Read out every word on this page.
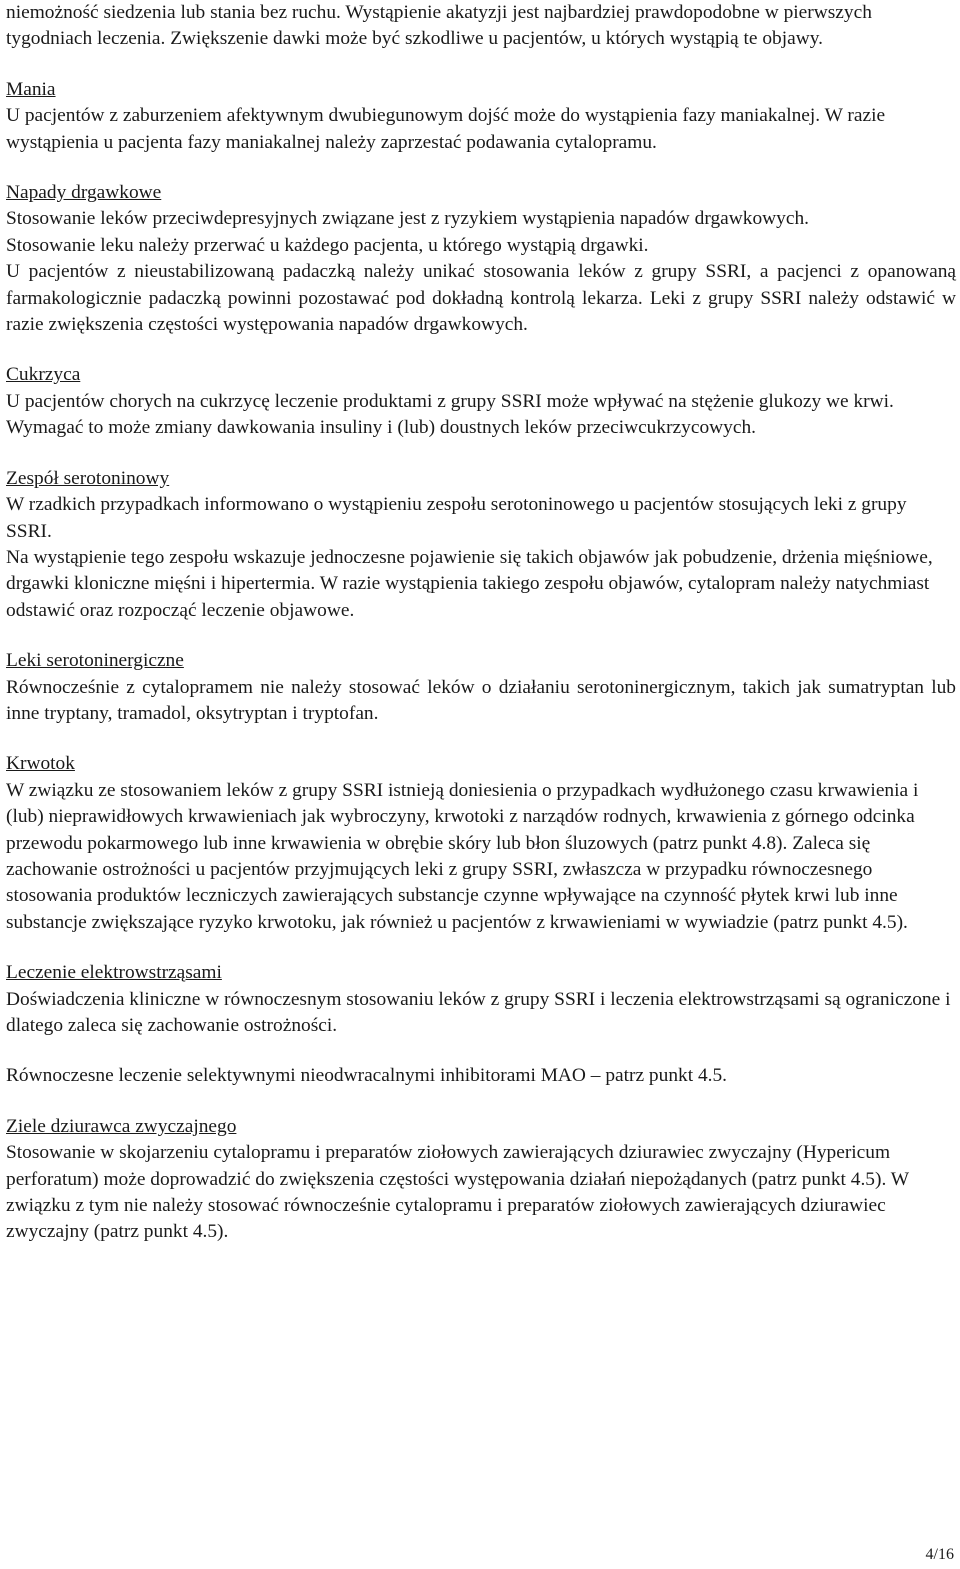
niemożność siedzenia lub stania bez ruchu. Wystąpienie akatyzji jest najbardziej prawdopodobne w pierwszych tygodniach leczenia. Zwiększenie dawki może być szkodliwe u pacjentów, u których wystąpią te objawy.

Mania

U pacjentów z zaburzeniem afektywnym dwubiegunowym dojść może do wystąpienia fazy maniakalnej. W razie wystąpienia u pacjenta fazy maniakalnej należy zaprzestać podawania cytalopramu.

Napady drgawkowe

Stosowanie leków przeciwdepresyjnych związane jest z ryzykiem wystąpienia napadów drgawkowych.

Stosowanie leku należy przerwać u każdego pacjenta, u którego wystąpią drgawki.

U pacjentów z nieustabilizowaną padaczką należy unikać stosowania leków z grupy SSRI, a pacjenci z opanowaną farmakologicznie padaczką powinni pozostawać pod dokładną kontrolą lekarza. Leki z grupy SSRI należy odstawić w razie zwiększenia częstości występowania napadów drgawkowych.

Cukrzyca

U pacjentów chorych na cukrzycę leczenie produktami z grupy SSRI może wpływać na stężenie glukozy we krwi. Wymagać to może zmiany dawkowania insuliny i (lub) doustnych leków przeciwcukrzycowych.

Zespół serotoninowy

W rzadkich przypadkach informowano o wystąpieniu zespołu serotoninowego u pacjentów stosujących leki z grupy SSRI.

Na wystąpienie tego zespołu wskazuje jednoczesne pojawienie się takich objawów jak pobudzenie, drżenia mięśniowe, drgawki kloniczne mięśni i hipertermia. W razie wystąpienia takiego zespołu objawów, cytalopram należy natychmiast odstawić oraz rozpocząć leczenie objawowe.

Leki serotoninergiczne

Równocześnie z cytalopramem nie należy stosować leków o działaniu serotoninergicznym, takich jak sumatryptan lub inne tryptany, tramadol, oksytryptan i tryptofan.

Krwotok

W związku ze stosowaniem leków z grupy SSRI istnieją doniesienia o przypadkach wydłużonego czasu krwawienia i (lub) nieprawidłowych krwawieniach jak wybroczyny, krwotoki z narządów rodnych, krwawienia z górnego odcinka przewodu pokarmowego lub inne krwawienia w obrębie skóry lub błon śluzowych (patrz punkt 4.8). Zaleca się zachowanie ostrożności u pacjentów przyjmujących leki z grupy SSRI, zwłaszcza w przypadku równoczesnego stosowania produktów leczniczych zawierających substancje czynne wpływające na czynność płytek krwi lub inne substancje zwiększające ryzyko krwotoku, jak również u pacjentów z krwawieniami w wywiadzie (patrz punkt 4.5).

Leczenie elektrowstrząsami

Doświadczenia kliniczne w równoczesnym stosowaniu leków z grupy SSRI i leczenia elektrowstrząsami są ograniczone i dlatego zaleca się zachowanie ostrożności.

Równoczesne leczenie selektywnymi nieodwracalnymi inhibitorami MAO – patrz punkt 4.5.

Ziele dziurawca zwyczajnego

Stosowanie w skojarzeniu cytalopramu i preparatów ziołowych zawierających dziurawiec zwyczajny (Hypericum perforatum) może doprowadzić do zwiększenia częstości występowania działań niepożądanych (patrz punkt 4.5). W związku z tym nie należy stosować równocześnie cytalopramu i preparatów ziołowych zawierających dziurawiec zwyczajny (patrz punkt 4.5).

4/16
